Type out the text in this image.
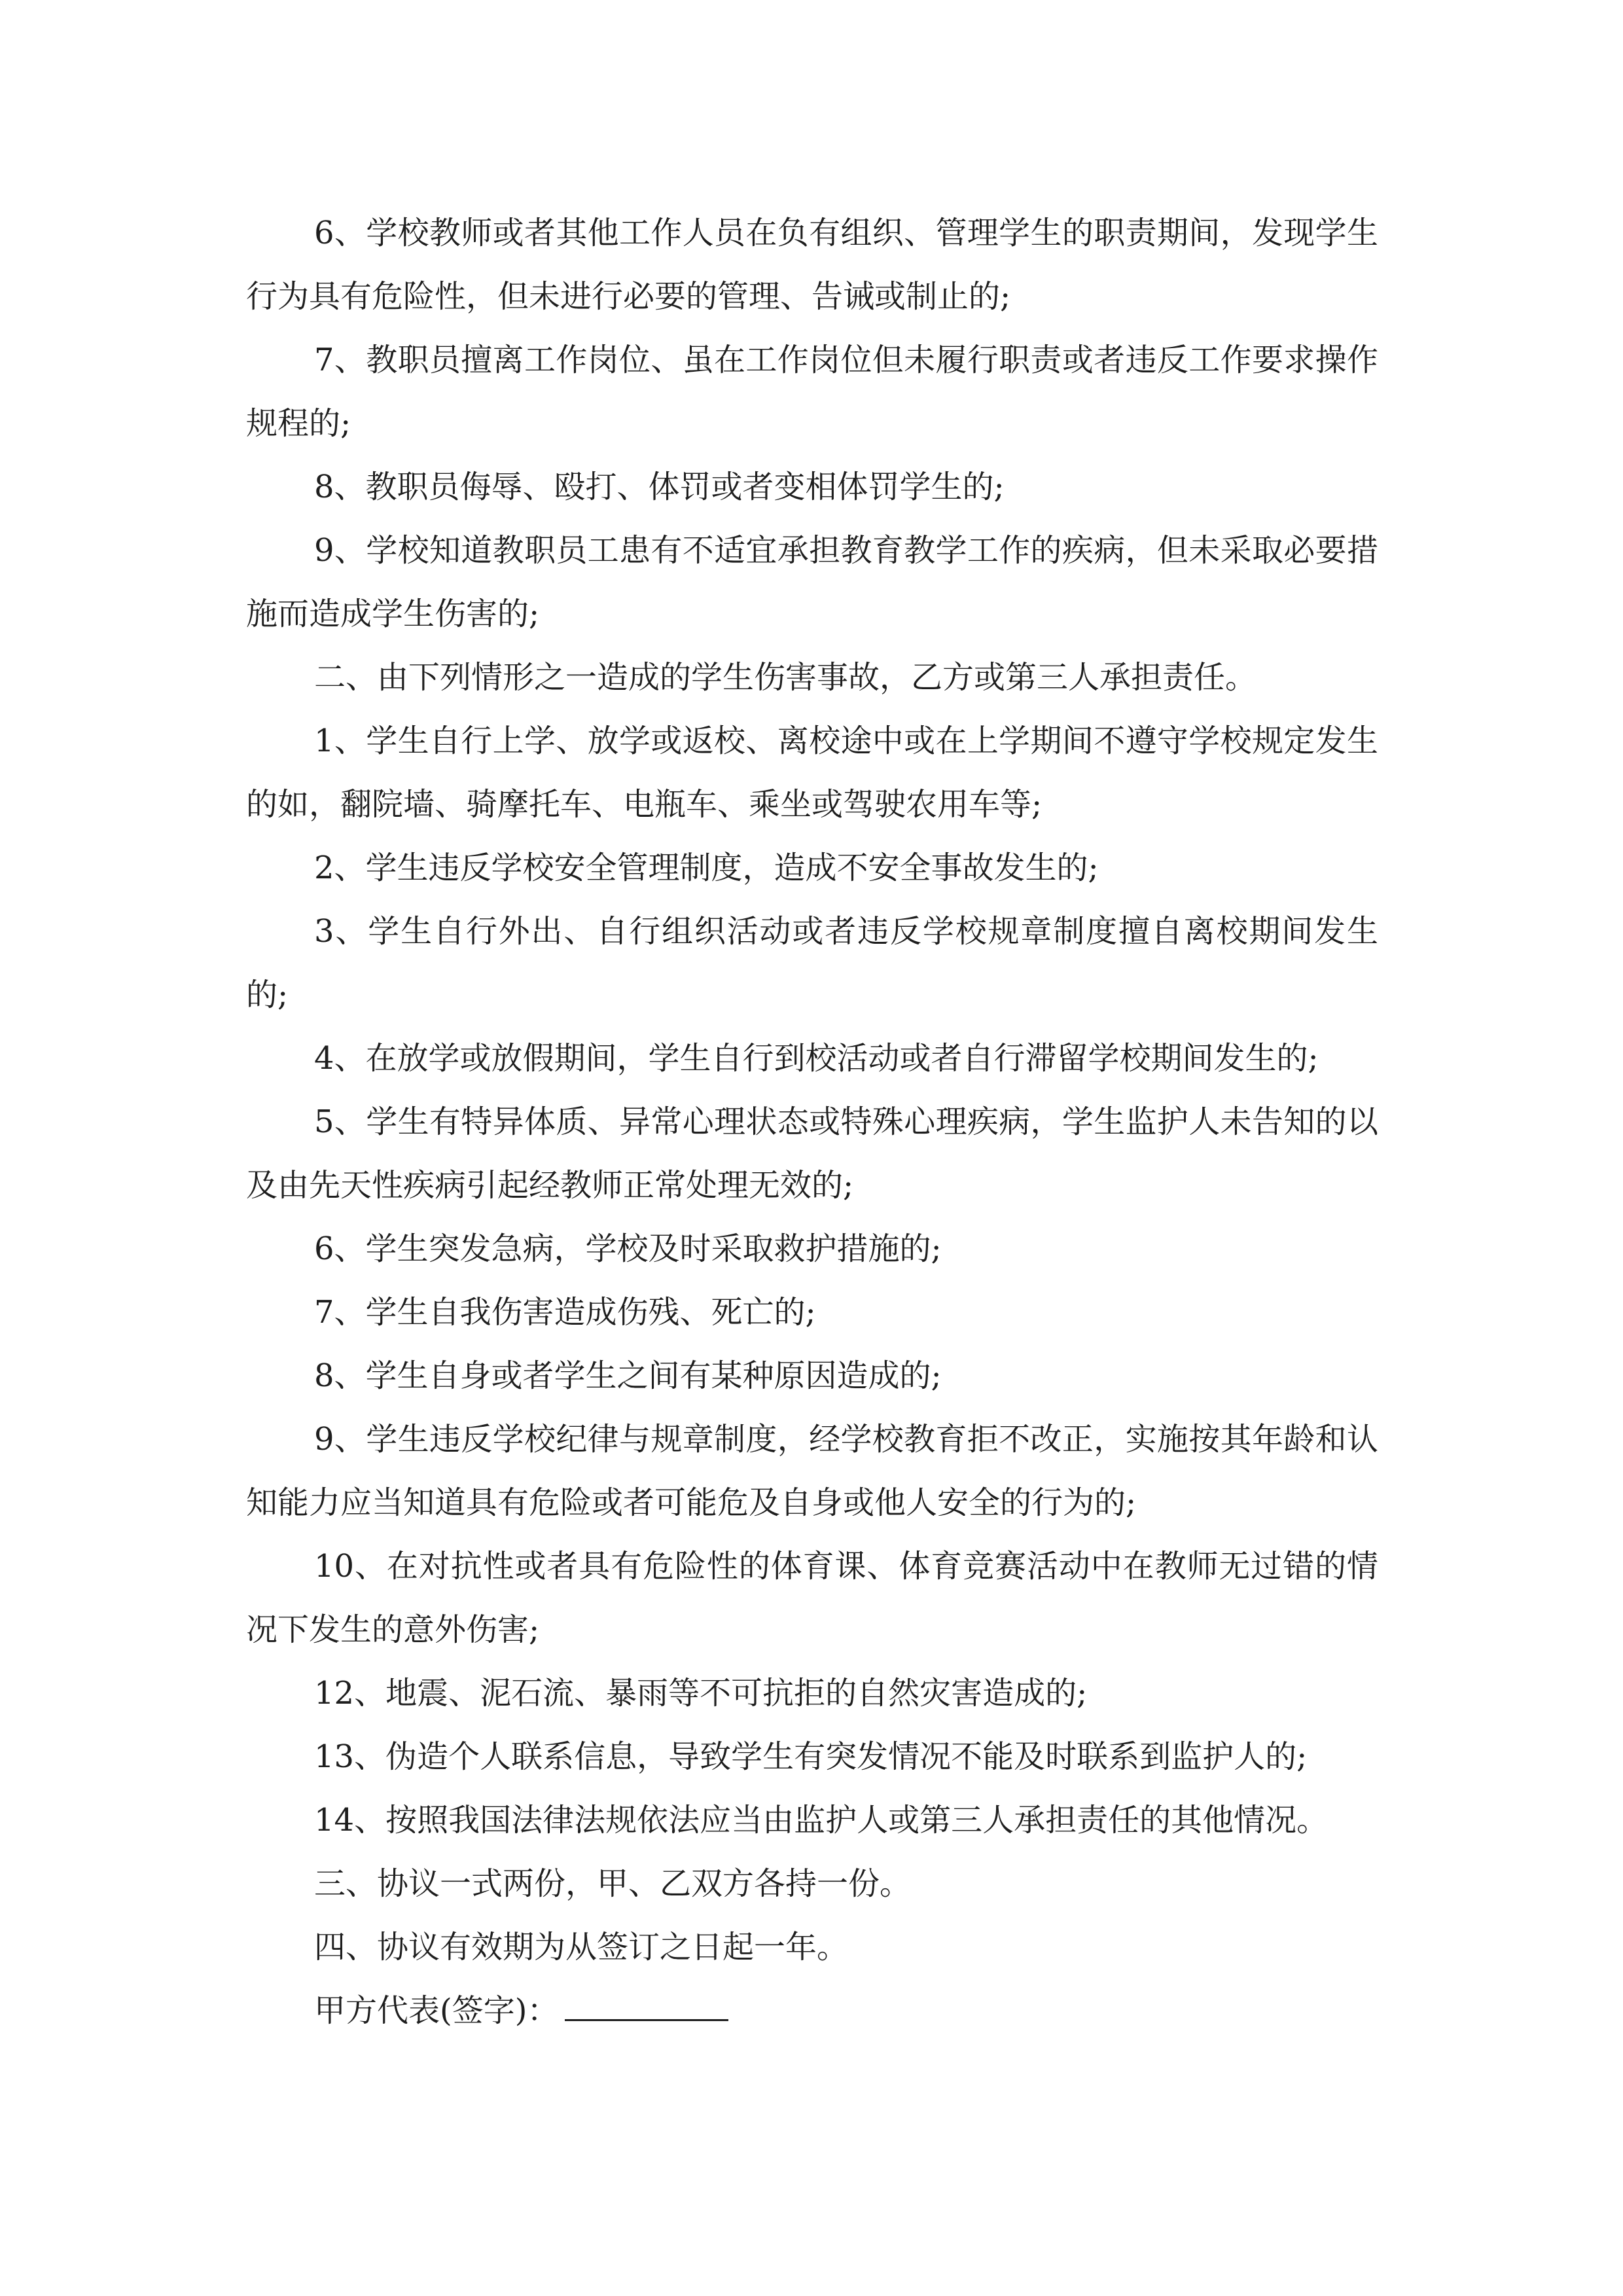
6、学校教师或者其他工作人员在负有组织、管理学生的职责期间，发现学生行为具有危险性，但未进行必要的管理、告诫或制止的;

7、教职员擅离工作岗位、虽在工作岗位但未履行职责或者违反工作要求操作规程的;

8、教职员侮辱、殴打、体罚或者变相体罚学生的;

9、学校知道教职员工患有不适宜承担教育教学工作的疾病，但未采取必要措施而造成学生伤害的;

二、由下列情形之一造成的学生伤害事故，乙方或第三人承担责任。

1、学生自行上学、放学或返校、离校途中或在上学期间不遵守学校规定发生的如，翻院墙、骑摩托车、电瓶车、乘坐或驾驶农用车等;

2、学生违反学校安全管理制度，造成不安全事故发生的;

3、学生自行外出、自行组织活动或者违反学校规章制度擅自离校期间发生的;

4、在放学或放假期间，学生自行到校活动或者自行滞留学校期间发生的;

5、学生有特异体质、异常心理状态或特殊心理疾病，学生监护人未告知的以及由先天性疾病引起经教师正常处理无效的;

6、学生突发急病，学校及时采取救护措施的;

7、学生自我伤害造成伤残、死亡的;

8、学生自身或者学生之间有某种原因造成的;

9、学生违反学校纪律与规章制度，经学校教育拒不改正，实施按其年龄和认知能力应当知道具有危险或者可能危及自身或他人安全的行为的;

10、在对抗性或者具有危险性的体育课、体育竞赛活动中在教师无过错的情况下发生的意外伤害;

12、地震、泥石流、暴雨等不可抗拒的自然灾害造成的;

13、伪造个人联系信息，导致学生有突发情况不能及时联系到监护人的;

14、按照我国法律法规依法应当由监护人或第三人承担责任的其他情况。

三、协议一式两份，甲、乙双方各持一份。

四、协议有效期为从签订之日起一年。

甲方代表(签字)：
